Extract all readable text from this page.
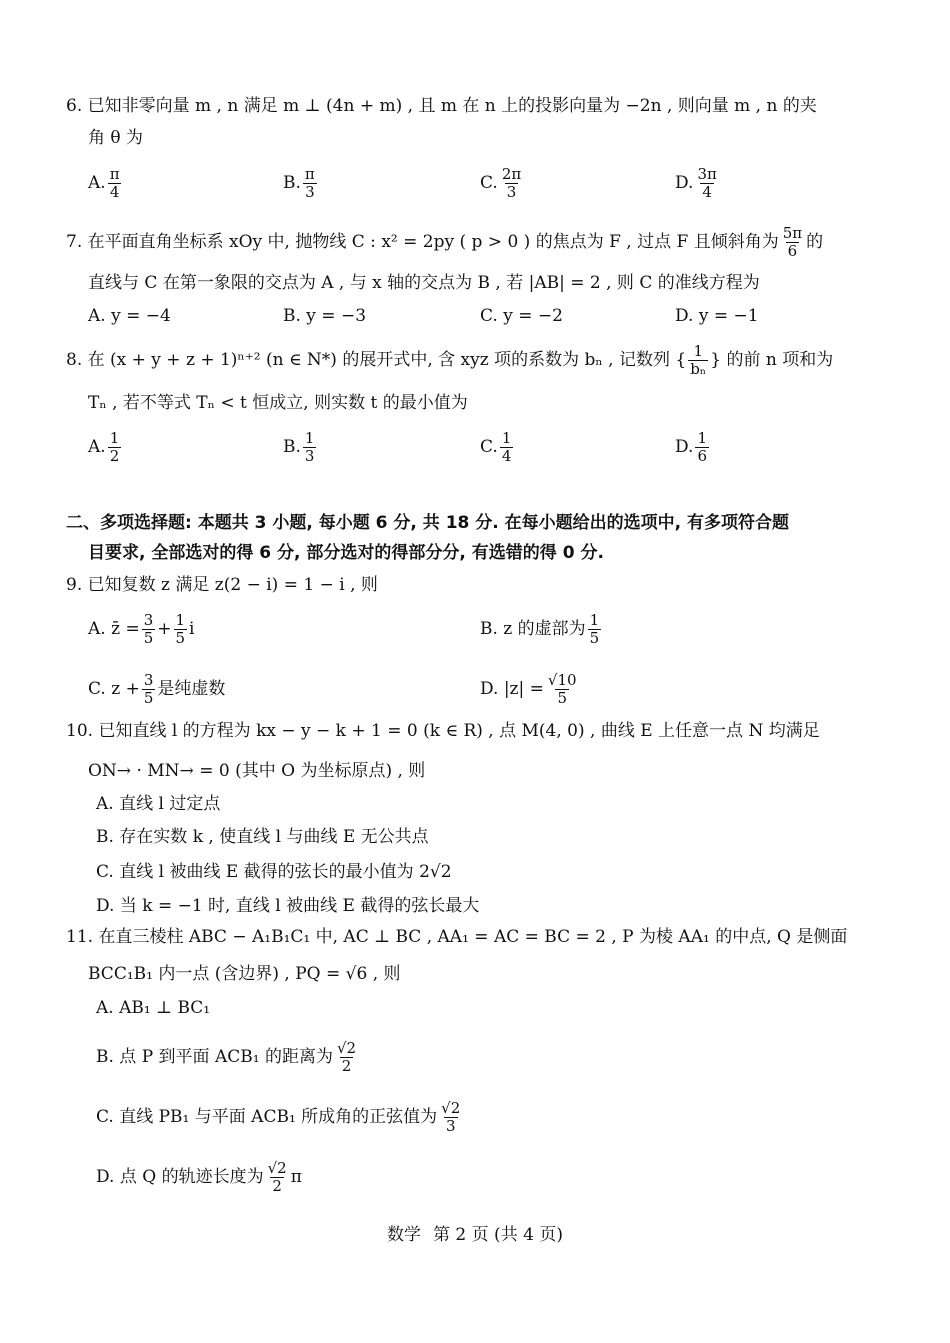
6. 已知非零向量 m , n 满足 m ⊥ (4n + m) , 且 m 在 n 上的投影向量为 −2n , 则向量 m , n 的夹
角 θ 为
A. $\frac{\pi}{4}$	B. $\frac{\pi}{3}$	C. $\frac{2\pi}{3}$	D. $\frac{3\pi}{4}$
7. 在平面直角坐标系 xOy 中, 抛物线 C : x² = 2py ( p > 0 ) 的焦点为 F , 过点 F 且倾斜角为 $\frac{5\pi}{6}$ 的
直线与 C 在第一象限的交点为 A , 与 x 轴的交点为 B , 若 |AB| = 2 , 则 C 的准线方程为
A. y = −4	B. y = −3	C. y = −2	D. y = −1
8. 在 (x + y + z + 1)ⁿ⁺² (n ∈ N*) 的展开式中, 含 xyz 项的系数为 bₙ , 记数列 { $\frac{1}{\text{bₙ}}$ } 的前 n 项和为
Tₙ , 若不等式 Tₙ < t 恒成立, 则实数 t 的最小值为
A. $\frac{1}{2}$	B. $\frac{1}{3}$	C. $\frac{1}{4}$	D. $\frac{1}{6}$
二、多项选择题: 本题共 3 小题, 每小题 6 分, 共 18 分. 在每小题给出的选项中, 有多项符合题
目要求, 全部选对的得 6 分, 部分选对的得部分分, 有选错的得 0 分.
9. 已知复数 z 满足 z(2 − i) = 1 − i , 则
A. z̄ = $\frac{3}{5} + \frac{1}{5}$ i	B. z 的虚部为 $\frac{1}{5}$
C. $z + \frac{3}{5}$ 是纯虚数	D. $|z| = \frac{√10}{5}$
10. 已知直线 l 的方程为 kx − y − k + 1 = 0 (k ∈ R) , 点 M(4, 0) , 曲线 E 上任意一点 N 均满足
ON→ · MN→ = 0 (其中 O 为坐标原点) , 则
A. 直线 l 过定点
B. 存在实数 k , 使直线 l 与曲线 E 无公共点
C. 直线 l 被曲线 E 截得的弦长的最小值为 2√2
D. 当 k = −1 时, 直线 l 被曲线 E 截得的弦长最大
11. 在直三棱柱 ABC − A₁B₁C₁ 中, AC ⊥ BC , AA₁ = AC = BC = 2 , P 为棱 AA₁ 的中点, Q 是侧面
BCC₁B₁ 内一点 (含边界) , PQ = √6 , 则
A. AB₁ ⊥ BC₁
B. 点 P 到平面 ACB₁ 的距离为 $\frac{√2}{2}$
C. 直线 PB₁ 与平面 ACB₁ 所成角的正弦值为 $\frac{√2}{3}$
D. 点 Q 的轨迹长度为 $\frac{√2}{2}$ π
数学 第 2 页 (共 4 页)
